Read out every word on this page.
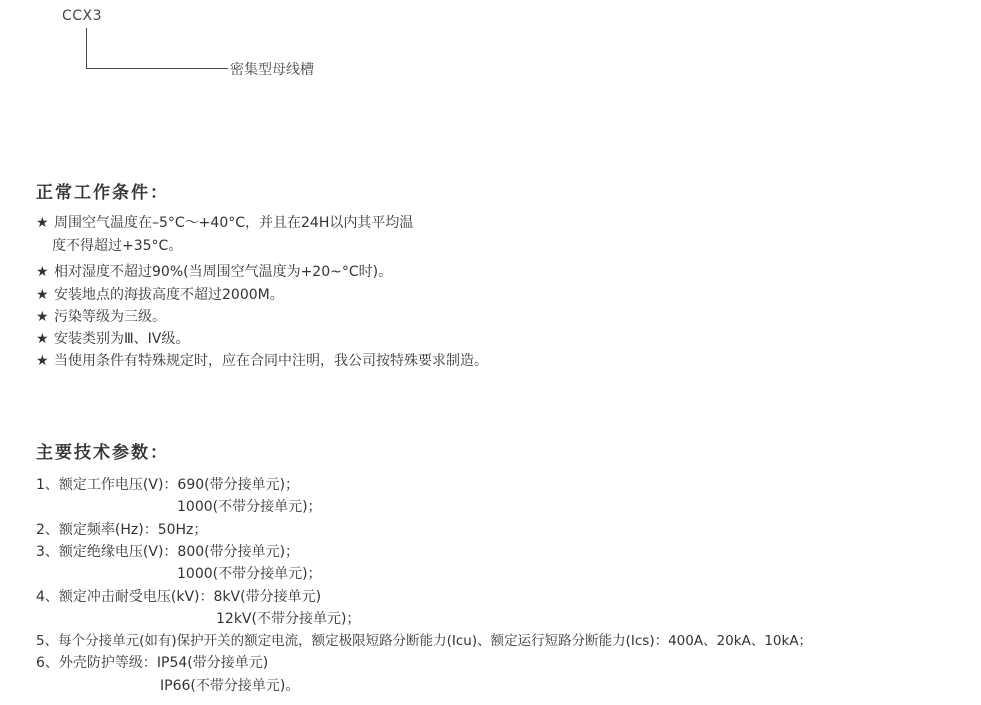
CCX3
密集型母线槽
正常工作条件：
★ 周围空气温度在–5°C～+40°C，并且在24H以内其平均温
度不得超过+35°C。
★ 相对湿度不超过90%(当周围空气温度为+20~°C时)。
★ 安装地点的海拔高度不超过2000M。
★ 污染等级为三级。
★ 安装类别为Ⅲ、IV级。
★ 当使用条件有特殊规定时，应在合同中注明，我公司按特殊要求制造。
主要技术参数：
1、额定工作电压(V)：690(带分接单元)；
1000(不带分接单元)；
2、额定频率(Hz)：50Hz；
3、额定绝缘电压(V)：800(带分接单元)；
1000(不带分接单元)；
4、额定冲击耐受电压(kV)：8kV(带分接单元)
12kV(不带分接单元)；
5、每个分接单元(如有)保护开关的额定电流，额定极限短路分断能力(Icu)、额定运行短路分断能力(Ics)：400A、20kA、10kA；
6、外壳防护等级：IP54(带分接单元)
IP66(不带分接单元)。
